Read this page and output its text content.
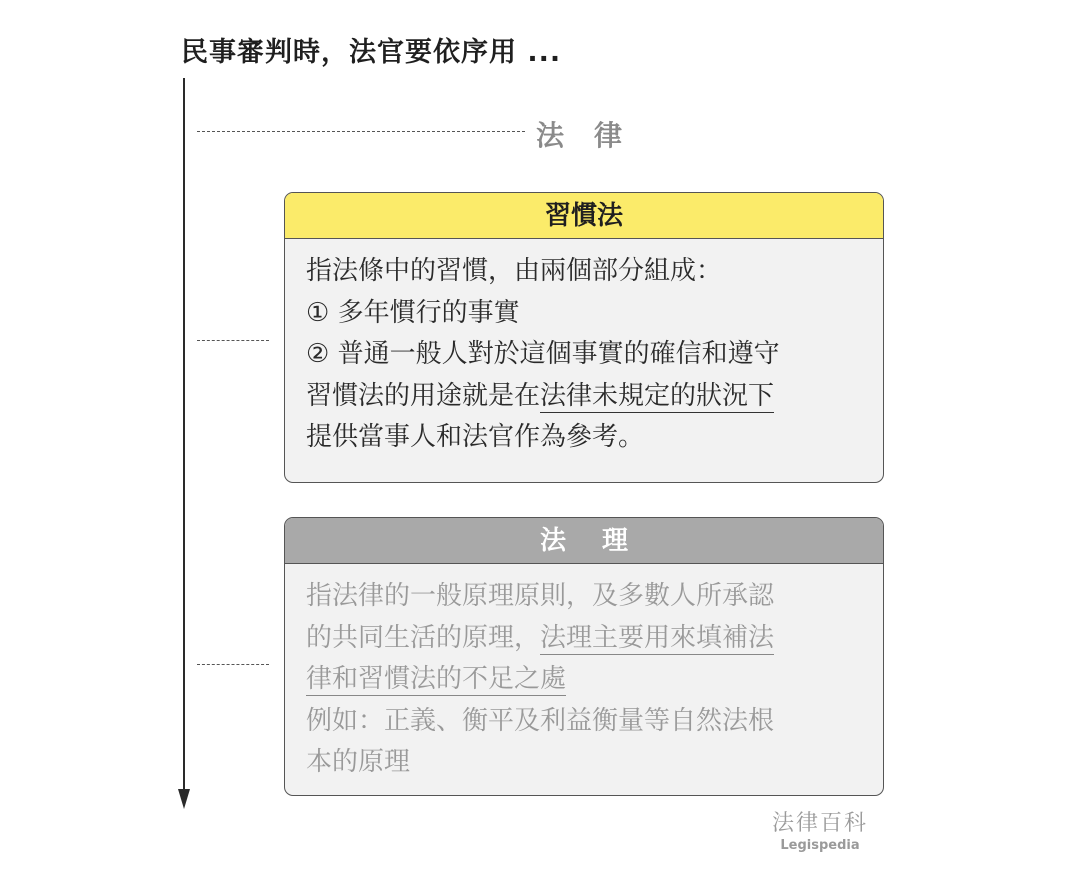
民事審判時，法官要依序用 ...
法律
習慣法

指法條中的習慣，由兩個部分組成：

① 多年慣行的事實

② 普通一般人對於這個事實的確信和遵守

習慣法的用途就是在法律未規定的狀況下

提供當事人和法官作為參考。

法理

指法律的一般原理原則，及多數人所承認

的共同生活的原理，法理主要用來填補法

律和習慣法的不足之處

例如：正義、衡平及利益衡量等自然法根

本的原理

法律百科
Legispedia
